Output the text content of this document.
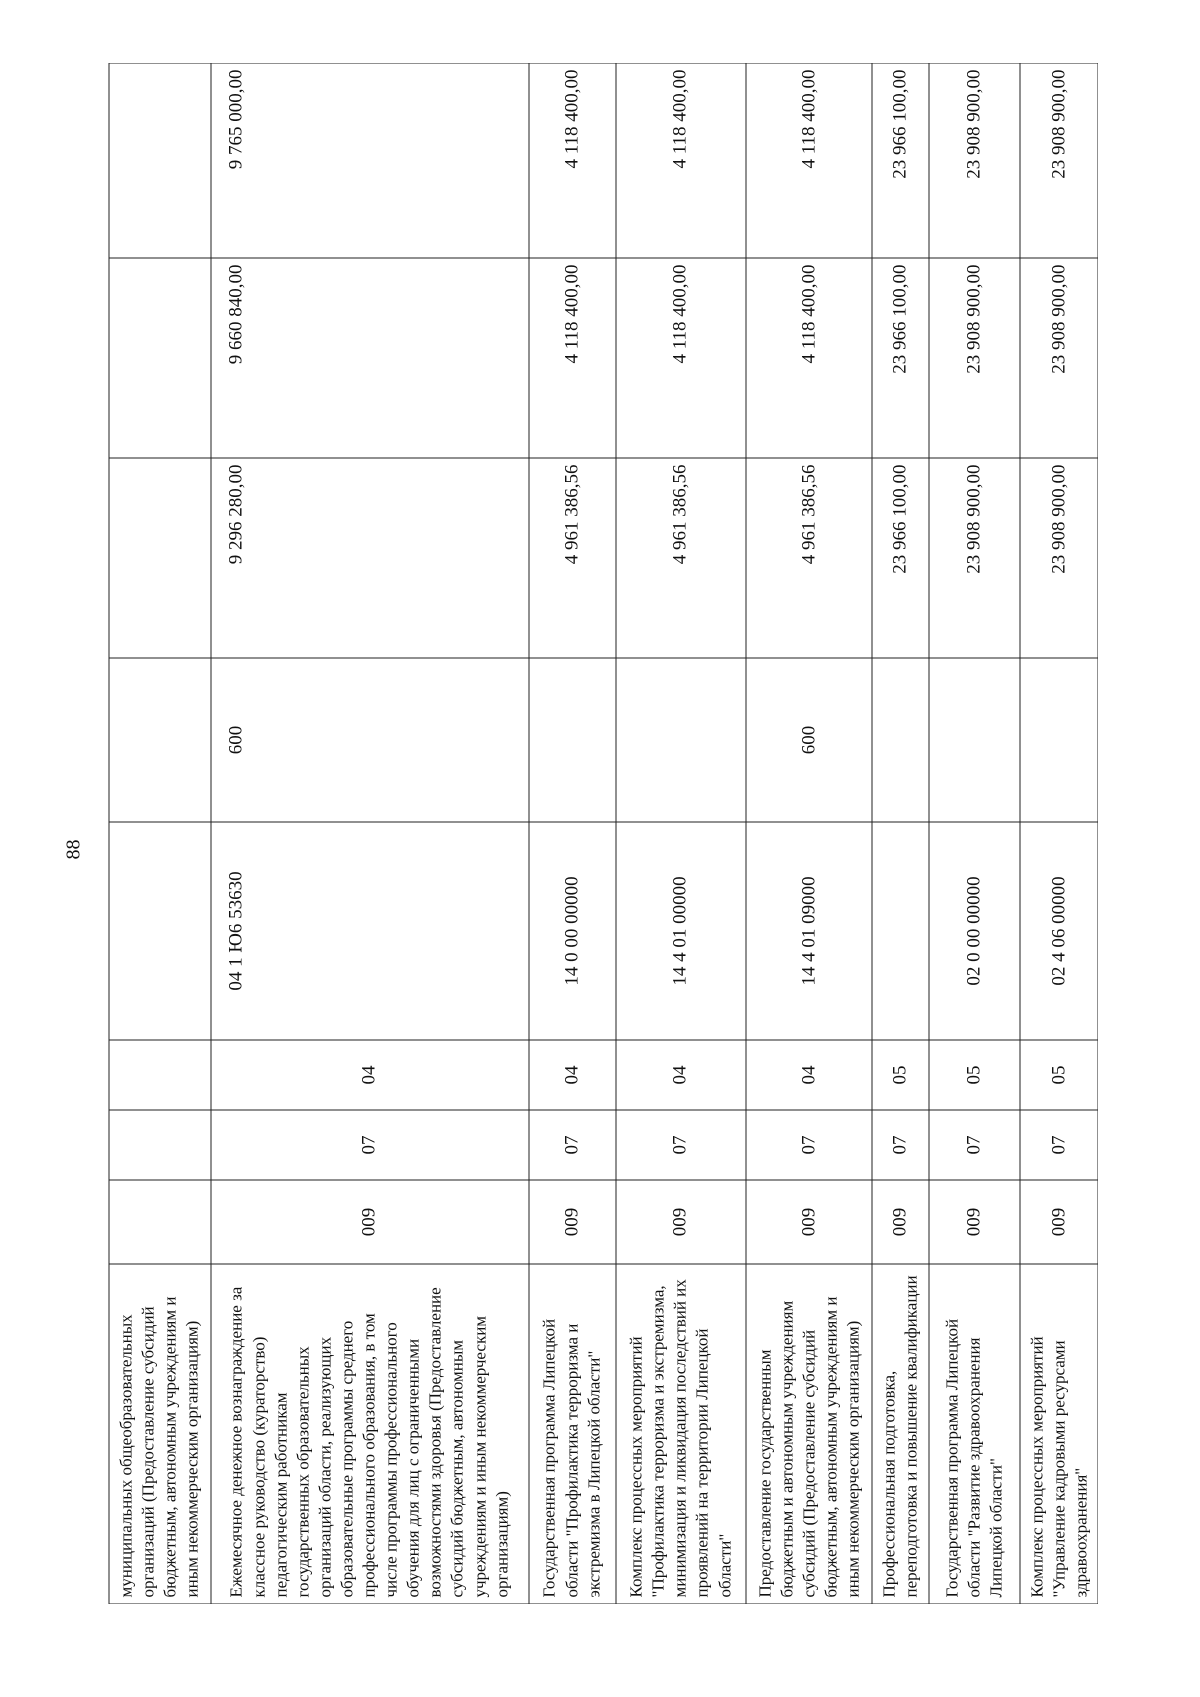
88
муниципальных общеобразовательных организаций (Предоставление субсидий бюджетным, автономным учреждениям и иным некоммерческим организациям)								
Ежемесячное денежное вознаграждение за классное руководство (кураторство) педагогическим работникам государственных образовательных организаций области, реализующих образовательные программы среднего профессионального образования, в том числе программы профессионального обучения для лиц с ограниченными возможностями здоровья (Предоставление субсидий бюджетным, автономным учреждениям и иным некоммерческим организациям)	009	07	04	04 1 Ю6 53630	600	9 296 280,00	9 660 840,00	9 765 000,00
Государственная программа Липецкой области "Профилактика терроризма и экстремизма в Липецкой области"	009	07	04	14 0 00 00000		4 961 386,56	4 118 400,00	4 118 400,00
Комплекс процессных мероприятий "Профилактика терроризма и экстремизма, минимизация и ликвидация последствий их проявлений на территории Липецкой области"	009	07	04	14 4 01 00000		4 961 386,56	4 118 400,00	4 118 400,00
Предоставление государственным бюджетным и автономным учреждениям субсидий (Предоставление субсидий бюджетным, автономным учреждениям и иным некоммерческим организациям)	009	07	04	14 4 01 09000	600	4 961 386,56	4 118 400,00	4 118 400,00
Профессиональная подготовка, переподготовка и повышение квалификации	009	07	05			23 966 100,00	23 966 100,00	23 966 100,00
Государственная программа Липецкой области "Развитие здравоохранения Липецкой области"	009	07	05	02 0 00 00000		23 908 900,00	23 908 900,00	23 908 900,00
Комплекс процессных мероприятий "Управление кадровыми ресурсами здравоохранения"	009	07	05	02 4 06 00000		23 908 900,00	23 908 900,00	23 908 900,00
